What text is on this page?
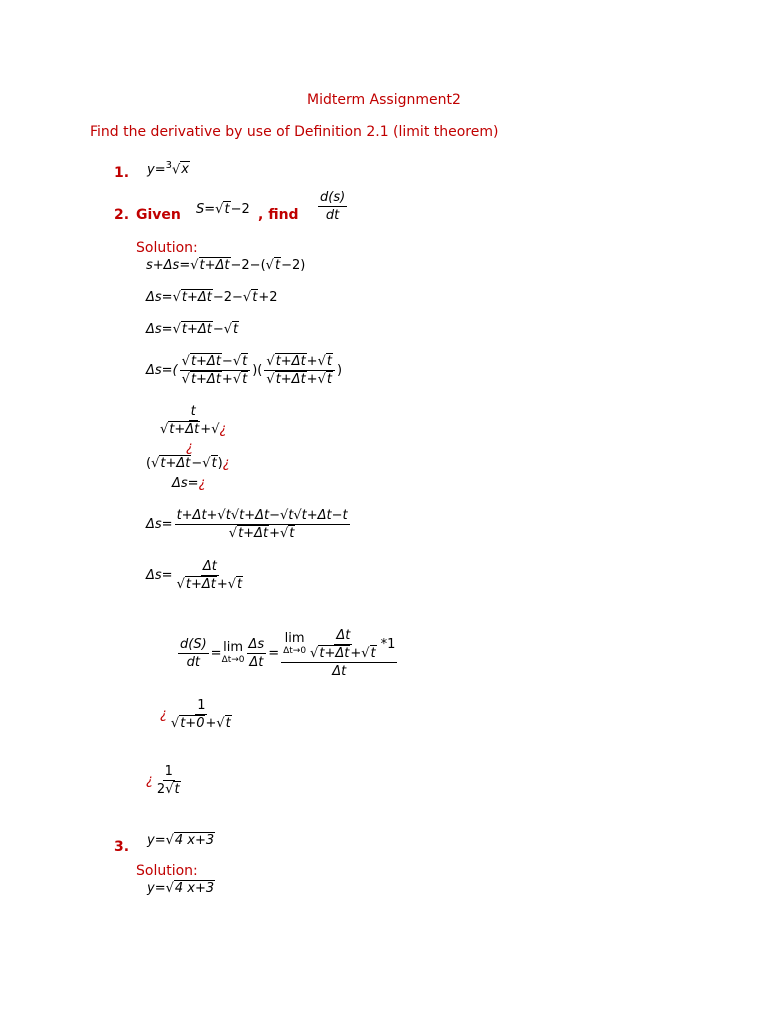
Midterm Assignment2
Find the derivative by use of Definition 2.1 (limit theorem)
1. y=$^3$√x
2. Given S=√t−2 , find $\frac{d(s)}{dt}$
Solution:
s+Δs=√t+Δt−2−(√t−2)
Δs=√t+Δt−2−√t+2
Δs=√t+Δt−√t
$\Delta s=( \frac{√t+\Delta t-√t}{√t+\Delta t+√t}$ )( $\frac{√t+\Delta t+√t}{√t+\Delta t+√t}$ )
$\frac{t}{√t+\Delta t+√¿}$
¿
(√t+Δt−√t)¿
Δs=¿
$\Delta s= \frac{t+\Delta t+√t√t+\Delta t-√t√t+\Delta t-t}{√t+\Delta t+√t}$
$\Delta s= \frac{\Delta t}{√t+\Delta t+√t}$
$\frac{d(S)}{dt} = \lim$
$\Delta t\to 0 \frac{\Delta s}{\Delta t} = \lim$
$\Delta t\to 0 \frac{\Delta t}{√t+\Delta t+√t} *1$
Δt
¿ $\frac{1}{√t+0+√t}$
¿ $\frac{1}{2√t}$
3. y=√4 x+3
Solution:
y=√4 x+3
